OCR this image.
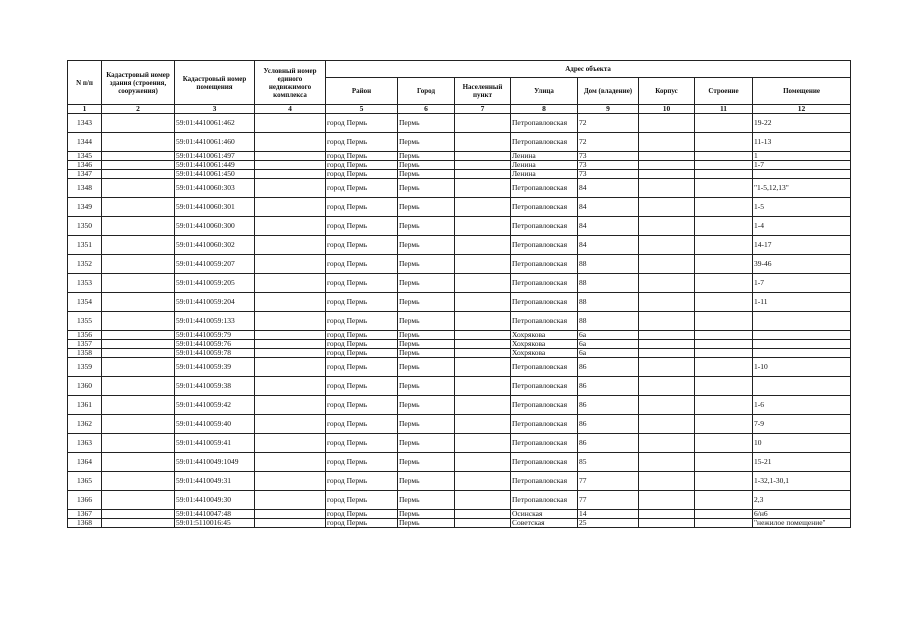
N п/п	Кадастровый номер здания (строения, сооружения)	Кадастровый номер помещения	Условный номер единого недвижимого комплекса	Адрес объекта							
				Район	Город	Населенный пункт	Улица	Дом (владение)	Корпус	Строение	Помещение
1	2	3	4	5	6	7	8	9	10	11	12
1343		59:01:4410061:462		город Пермь	Пермь		Петропавловская	72			19-22
1344		59:01:4410061:460		город Пермь	Пермь		Петропавловская	72			11-13
1345		59:01:4410061:497		город Пермь	Пермь		Ленина	73			1
1346		59:01:4410061:449		город Пермь	Пермь		Ленина	73			1-7
1347		59:01:4410061:450		город Пермь	Пермь		Ленина	73			
1348		59:01:4410060:303		город Пермь	Пермь		Петропавловская	84			"1-5,12,13"
1349		59:01:4410060:301		город Пермь	Пермь		Петропавловская	84			1-5
1350		59:01:4410060:300		город Пермь	Пермь		Петропавловская	84			1-4
1351		59:01:4410060:302		город Пермь	Пермь		Петропавловская	84			14-17
1352		59:01:4410059:207		город Пермь	Пермь		Петропавловская	88			39-46
1353		59:01:4410059:205		город Пермь	Пермь		Петропавловская	88			1-7
1354		59:01:4410059:204		город Пермь	Пермь		Петропавловская	88			1-11
1355		59:01:4410059:133		город Пермь	Пермь		Петропавловская	88			
1356		59:01:4410059:79		город Пермь	Пермь		Хохрякова	6а			
1357		59:01:4410059:76		город Пермь	Пермь		Хохрякова	6а			
1358		59:01:4410059:78		город Пермь	Пермь		Хохрякова	6а			
1359		59:01:4410059:39		город Пермь	Пермь		Петропавловская	86			1-10
1360		59:01:4410059:38		город Пермь	Пермь		Петропавловская	86			
1361		59:01:4410059:42		город Пермь	Пермь		Петропавловская	86			1-6
1362		59:01:4410059:40		город Пермь	Пермь		Петропавловская	86			7-9
1363		59:01:4410059:41		город Пермь	Пермь		Петропавловская	86			10
1364		59:01:4410049:1049		город Пермь	Пермь		Петропавловская	85			15-21
1365		59:01:4410049:31		город Пермь	Пермь		Петропавловская	77			1-32,1-30,1
1366		59:01:4410049:30		город Пермь	Пермь		Петропавловская	77			2,3
1367		59:01:4410047:48		город Пермь	Пермь		Осинская	14			6/н6
1368		59:01:5110016:45		город Пермь	Пермь		Советская	25			"нежилое помещение"
